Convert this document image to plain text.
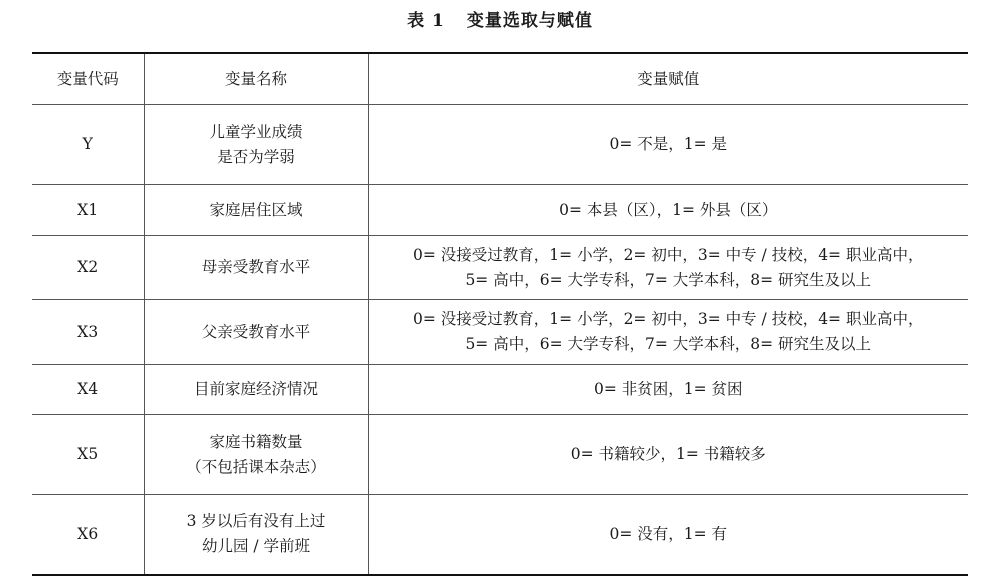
表 1 变量选取与赋值
变量代码	变量名称	变量赋值
Y	儿童学业成绩
是否为学弱	0= 不是，1= 是

X1	家庭居住区域	0= 本县（区），1= 外县（区）

X2	母亲受教育水平	0= 没接受过教育，1= 小学，2= 初中，3= 中专 / 技校，4= 职业高中，
5= 高中，6= 大学专科，7= 大学本科，8= 研究生及以上

X3	父亲受教育水平	0= 没接受过教育，1= 小学，2= 初中，3= 中专 / 技校，4= 职业高中，
5= 高中，6= 大学专科，7= 大学本科，8= 研究生及以上

X4	目前家庭经济情况	0= 非贫困，1= 贫困

X5	家庭书籍数量
（不包括课本杂志）	0= 书籍较少，1= 书籍较多

X6	3 岁以后有没有上过
幼儿园 / 学前班	0= 没有，1= 有
